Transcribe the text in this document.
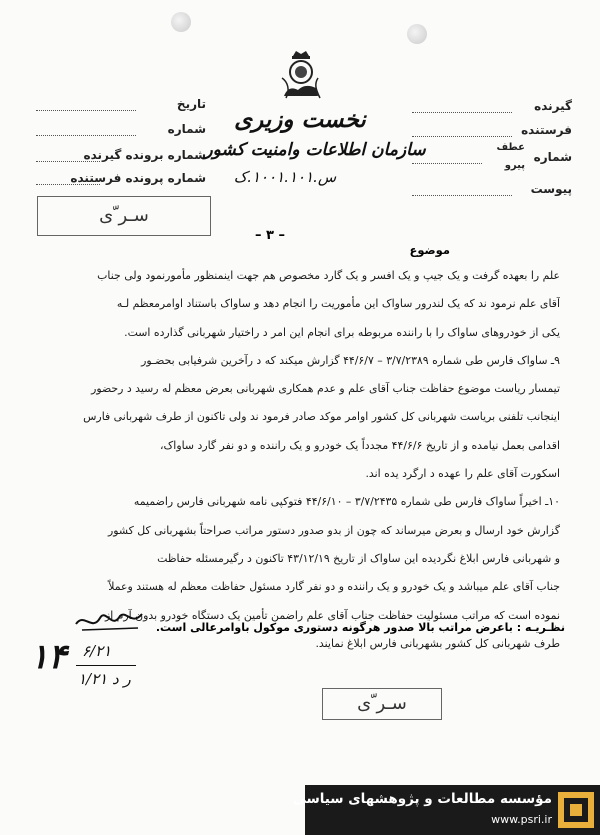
تاریخ
شماره
شماره برونده گیرنده
شماره پرونده فرستنده
گیرنده
فرستنده
عطف
پیرو
شماره
پیوست
نخست وزیری
سازمان اطلاعات وامنیت کشور
س.۱۰۰۱.۱۰۱.ک
سـر ّی
– ۳ –
موضوع

علم را بعهده گرفت و یک جیپ و یک افسر و یک گارد مخصوص هم جهت اینمنظور مأمورنمود ولی جناب

آقای علم نرمود ند که یک لندرور ساواک این مأموریت را انجام دهد و ساواک باستناد اوامرمعظم لـه

یکی از خودروهای ساواک را با راننده مربوطه برای انجام این امر د راختیار شهربانی گذارده است.

۹ـ ساواک فارس طی شماره ۳/۷/۲۳۸۹ – ۴۴/۶/۷ گزارش میکند که د رآخرین شرفیابی بحضـور

تیمسار ریاست موضوع حفاظت جناب آقای علم و عدم همکاری شهربانی بعرض معظم له رسید د رحضور

اینجانب تلفنی بریاست شهربانی کل کشور اوامر موکد صادر فرمود ند ولی تاکنون از طرف شهربانی فارس

اقدامی بعمل نیامده و از تاریخ ۴۴/۶/۶ مجدداً یک خودرو و یک راننده و دو نفر گارد ساواک،

اسکورت آقای علم را عهده د ارگرد یده اند.

۱۰ـ اخیراً ساواک فارس طی شماره ۳/۷/۲۴۳۵ – ۴۴/۶/۱۰ فتوکپی نامه شهربانی فارس راضمیمه

گزارش خود ارسال و بعرض میرساند که چون از بدو صدور دستور مراتب صراحتاً بشهربانی کل کشور

و شهربانی فارس ابلاغ نگردیده این ساواک از تاریخ ۴۳/۱۲/۱۹ تاکنون د رگیرمسئله حفاظت

جناب آقای علم میباشد و یک خودرو و یک راننده و دو نفر گارد مسئول حفاظت معظم له هستند وعملاً

نموده است که مراتب مسئولیت حفاظت جناب آقای علم راضمن تأمین یک دستگاه خودرو بدون آرم از

طرف شهربانی کل کشور بشهربانی فارس ابلاغ نمایند.

نظـریـه : باعرض مراتب بالا صدور هرگونه دستوری موکول باوامرعالی است.
۱۴ ۶/۲۱
۱/۲۱ ر د
سـر ّی
مؤسسه مطالعات و پژوهشهای سیاسی
www.psri.ir
